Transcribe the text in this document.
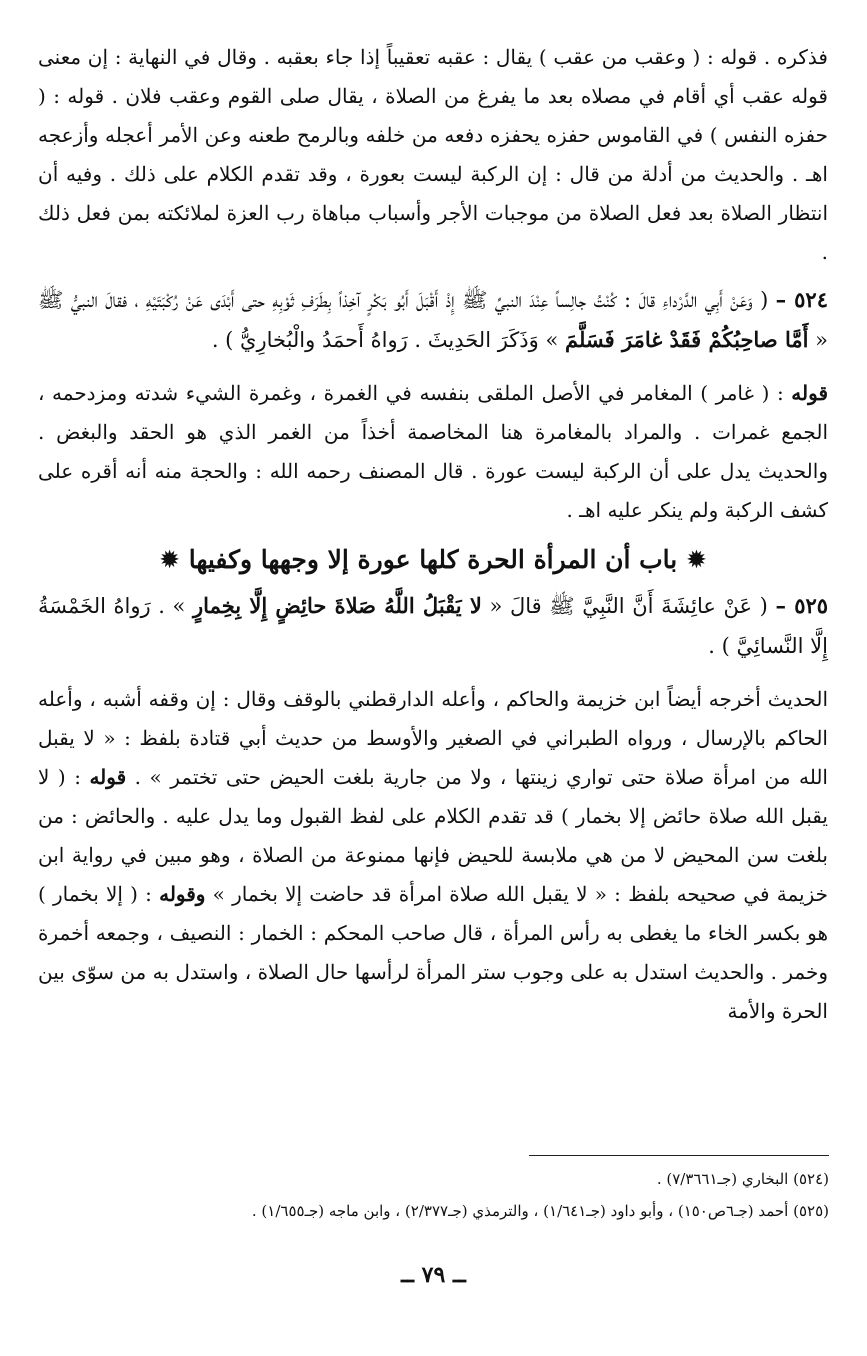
فذكره . قوله : ( وعقب من عقب ) يقال : عقبه تعقيباً إذا جاء بعقبه . وقال في النهاية : إن معنى قوله عقب أي أقام في مصلاه بعد ما يفرغ من الصلاة ، يقال صلى القوم وعقب فلان . قوله : ( حفزه النفس ) في القاموس حفزه يحفزه دفعه من خلفه وبالرمح طعنه وعن الأمر أعجله وأزعجه اهـ . والحديث من أدلة من قال : إن الركبة ليست بعورة ، وقد تقدم الكلام على ذلك . وفيه أن انتظار الصلاة بعد فعل الصلاة من موجبات الأجر وأسباب مباهاة رب العزة لملائكته بمن فعل ذلك .

٥٢٤ – ( وَعَنْ أَبِي الدَّرْداءِ قالَ : كُنْتُ جالِساً عِنْدَ النبيِّ ﷺ إِذْ أَقْبَلَ أَبُو بَكْرٍ آخِذاً بِطَرَفِ ثَوْبِهِ حتى أَبْدَى عَنْ رُكْبَتَيْهِ ، فقالَ النبيُّ ﷺ « أَمَّا صاحِبُكُمْ فَقَدْ غامَرَ فَسَلَّمَ » وَذَكَرَ الحَدِيثَ . رَواهُ أَحمَدُ والْبُخارِيُّ ) .

قوله : ( غامر ) المغامر في الأصل الملقى بنفسه في الغمرة ، وغمرة الشيء شدته ومزدحمه ، الجمع غمرات . والمراد بالمغامرة هنا المخاصمة أخذاً من الغمر الذي هو الحقد والبغض . والحديث يدل على أن الركبة ليست عورة . قال المصنف رحمه الله : والحجة منه أنه أقره على كشف الركبة ولم ينكر عليه اهـ .

✹ باب أن المرأة الحرة كلها عورة إلا وجهها وكفيها ✹

٥٢٥ – ( عَنْ عائِشَةَ أَنَّ النَّبِيَّ ﷺ قالَ « لا يَقْبَلُ اللَّهُ صَلاةَ حائِضٍ إِلَّا بِخِمارٍ » . رَواهُ الخَمْسَةُ إِلَّا النَّسائِيَّ ) .

الحديث أخرجه أيضاً ابن خزيمة والحاكم ، وأعله الدارقطني بالوقف وقال : إن وقفه أشبه ، وأعله الحاكم بالإرسال ، ورواه الطبراني في الصغير والأوسط من حديث أبي قتادة بلفظ : « لا يقبل الله من امرأة صلاة حتى تواري زينتها ، ولا من جارية بلغت الحيض حتى تختمر » . قوله : ( لا يقبل الله صلاة حائض إلا بخمار ) قد تقدم الكلام على لفظ القبول وما يدل عليه . والحائض : من بلغت سن المحيض لا من هي ملابسة للحيض فإنها ممنوعة من الصلاة ، وهو مبين في رواية ابن خزيمة في صحيحه بلفظ : « لا يقبل الله صلاة امرأة قد حاضت إلا بخمار » وقوله : ( إلا بخمار ) هو بكسر الخاء ما يغطى به رأس المرأة ، قال صاحب المحكم : الخمار : النصيف ، وجمعه أخمرة وخمر . والحديث استدل به على وجوب ستر المرأة لرأسها حال الصلاة ، واستدل به من سوّى بين الحرة والأمة

(٥٢٤) البخاري (جـ٧/٣٦٦١) .
(٥٢٥) أحمد (جـ٦ص١٥٠) ، وأبو داود (جـ١/٦٤١) ، والترمذي (جـ٢/٣٧٧) ، وابن ماجه (جـ١/٦٥٥) .
ــ ٧٩ ــ
